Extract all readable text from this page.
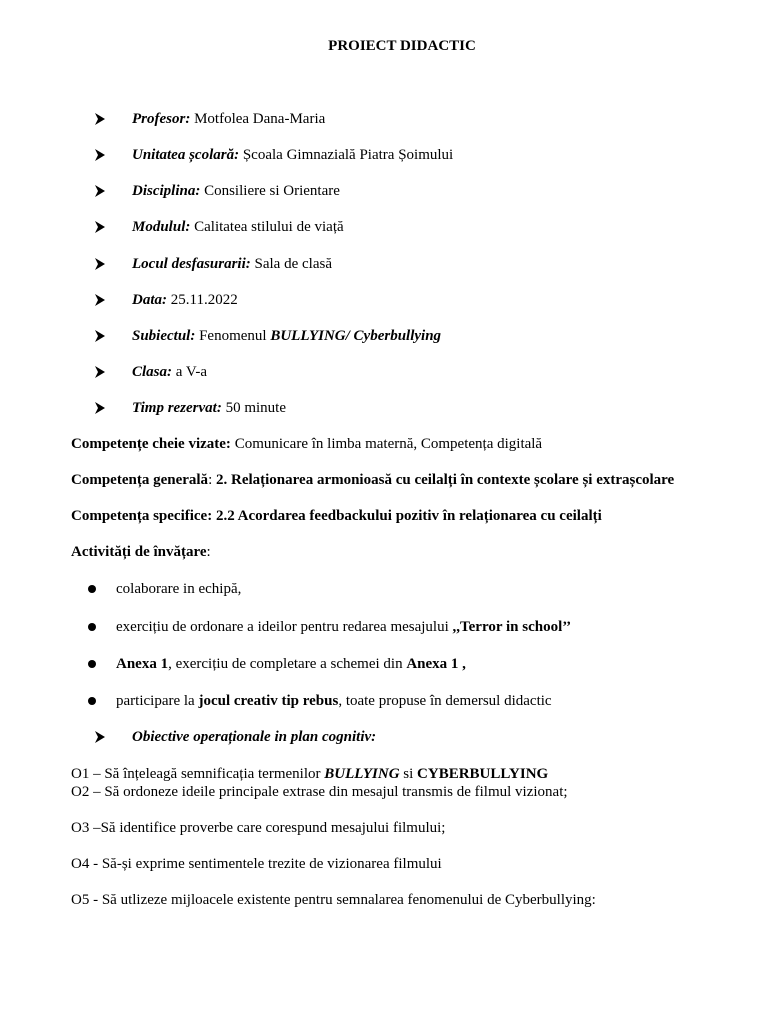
PROIECT DIDACTIC
Profesor: Motfolea Dana-Maria
Unitatea școlară: Școala Gimnazială Piatra Șoimului
Disciplina: Consiliere si Orientare
Modulul: Calitatea stilului de viață
Locul desfasurarii: Sala de clasă
Data: 25.11.2022
Subiectul: Fenomenul BULLYING/ Cyberbullying
Clasa: a V-a
Timp rezervat: 50 minute
Competențe cheie vizate: Comunicare în limba maternă, Competența digitală
Competența generală: 2. Relaționarea armonioasă cu ceilalți în contexte școlare și extrașcolare
Competența specifice: 2.2 Acordarea feedbackului pozitiv în relaționarea cu ceilalți
Activități de învățare:
colaborare in echipă,
exercițiu de ordonare a ideilor pentru redarea mesajului ,,Terror in school’’
Anexa 1, exercițiu de completare a schemei din Anexa 1 ,
participare la jocul creativ tip rebus, toate propuse în demersul didactic
Obiective operaționale in plan cognitiv:
O1 – Să înțeleagă semnificația termenilor BULLYING si CYBERBULLYING
O2 – Să ordoneze ideile principale extrase din mesajul transmis de filmul vizionat;
O3 –Să identifice proverbe care corespund mesajului filmului;
O4 - Să-și exprime sentimentele trezite de vizionarea filmului
O5 - Să utlizeze mijloacele existente pentru semnalarea fenomenului de Cyberbullying:
